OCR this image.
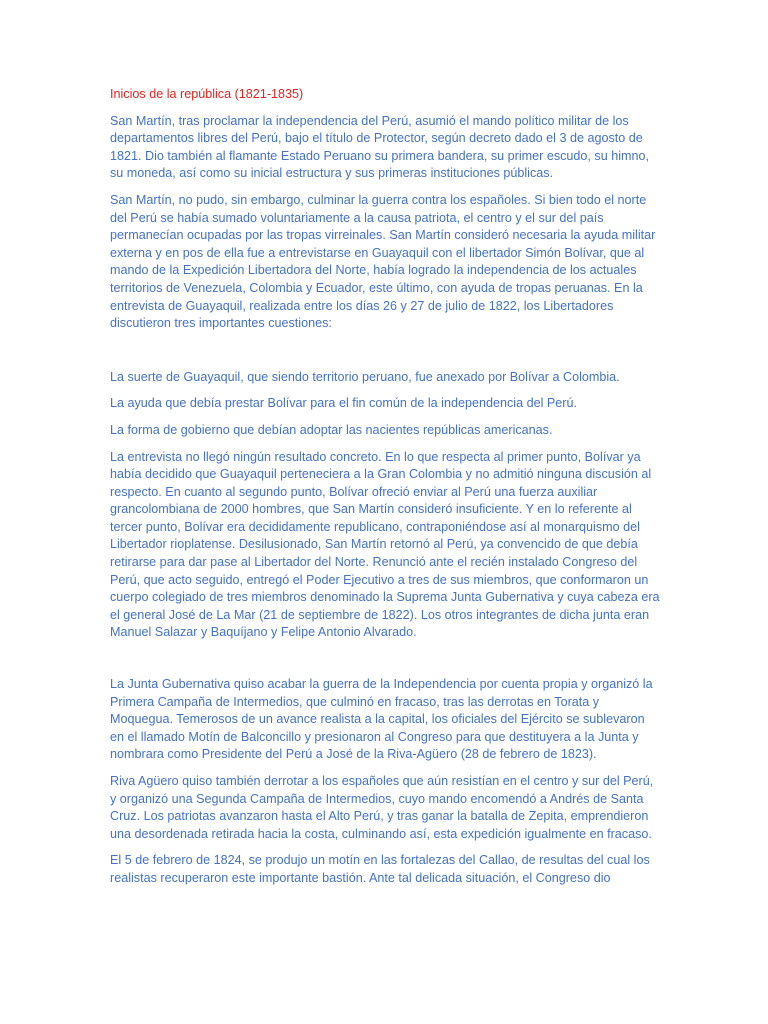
Inicios de la república (1821-1835)
San Martín, tras proclamar la independencia del Perú, asumió el mando político militar de los departamentos libres del Perú, bajo el título de Protector, según decreto dado el 3 de agosto de 1821. Dio también al flamante Estado Peruano su primera bandera, su primer escudo, su himno, su moneda, así como su inicial estructura y sus primeras instituciones públicas.
San Martín, no pudo, sin embargo, culminar la guerra contra los españoles. Si bien todo el norte del Perú se había sumado voluntariamente a la causa patriota, el centro y el sur del país permanecían ocupadas por las tropas virreinales. San Martín consideró necesaria la ayuda militar externa y en pos de ella fue a entrevistarse en Guayaquil con el libertador Simón Bolívar, que al mando de la Expedición Libertadora del Norte, había logrado la independencia de los actuales territorios de Venezuela, Colombia y Ecuador, este último, con ayuda de tropas peruanas. En la entrevista de Guayaquil, realizada entre los días 26 y 27 de julio de 1822, los Libertadores discutieron tres importantes cuestiones:
La suerte de Guayaquil, que siendo territorio peruano, fue anexado por Bolívar a Colombia.
La ayuda que debía prestar Bolívar para el fin común de la independencia del Perú.
La forma de gobierno que debían adoptar las nacientes repúblicas americanas.
La entrevista no llegó ningún resultado concreto. En lo que respecta al primer punto, Bolívar ya había decidido que Guayaquil perteneciera a la Gran Colombia y no admitió ninguna discusión al respecto. En cuanto al segundo punto, Bolívar ofreció enviar al Perú una fuerza auxiliar grancolombiana de 2000 hombres, que San Martín consideró insuficiente. Y en lo referente al tercer punto, Bolívar era decididamente republicano, contraponiéndose así al monarquismo del Libertador rioplatense. Desilusionado, San Martín retornó al Perú, ya convencido de que debía retirarse para dar pase al Libertador del Norte. Renunció ante el recién instalado Congreso del Perú, que acto seguido, entregó el Poder Ejecutivo a tres de sus miembros, que conformaron un cuerpo colegiado de tres miembros denominado la Suprema Junta Gubernativa y cuya cabeza era el general José de La Mar (21 de septiembre de 1822). Los otros integrantes de dicha junta eran Manuel Salazar y Baquíjano y Felipe Antonio Alvarado.
La Junta Gubernativa quiso acabar la guerra de la Independencia por cuenta propia y organizó la Primera Campaña de Intermedios, que culminó en fracaso, tras las derrotas en Torata y Moquegua. Temerosos de un avance realista a la capital, los oficiales del Ejército se sublevaron en el llamado Motín de Balconcillo y presionaron al Congreso para que destituyera a la Junta y nombrara como Presidente del Perú a José de la Riva-Agüero (28 de febrero de 1823).
Riva Agüero quiso también derrotar a los españoles que aún resistían en el centro y sur del Perú, y organizó una Segunda Campaña de Intermedios, cuyo mando encomendó a Andrés de Santa Cruz. Los patriotas avanzaron hasta el Alto Perú, y tras ganar la batalla de Zepita, emprendieron una desordenada retirada hacia la costa, culminando así, esta expedición igualmente en fracaso.
El 5 de febrero de 1824, se produjo un motín en las fortalezas del Callao, de resultas del cual los realistas recuperaron este importante bastión. Ante tal delicada situación, el Congreso dio
